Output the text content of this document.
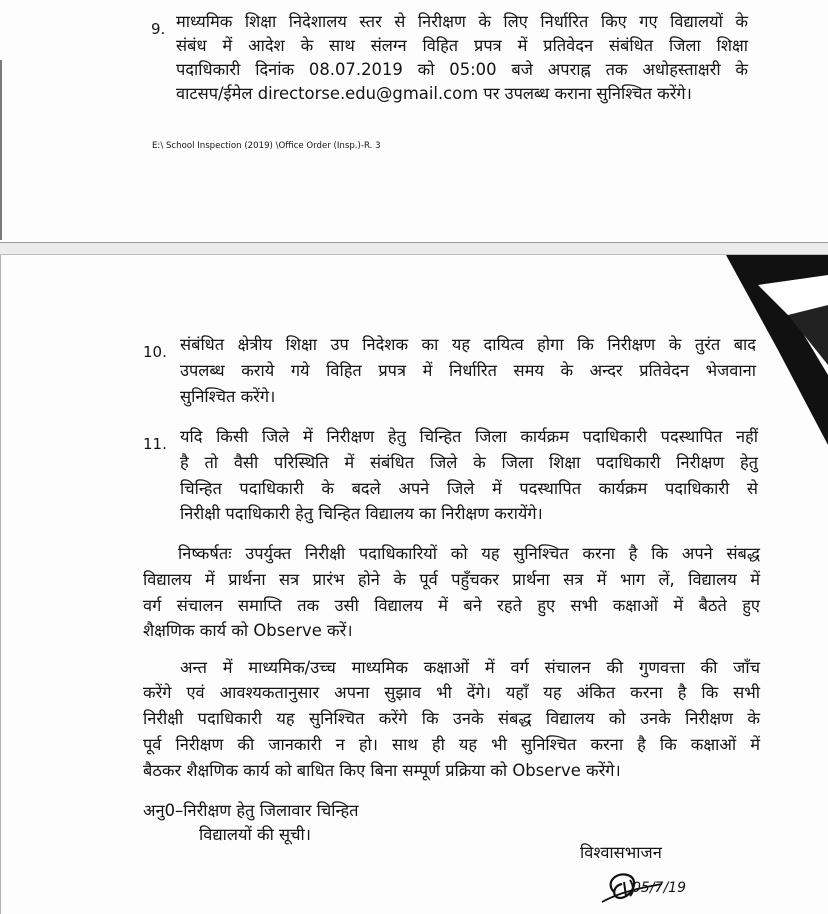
9. माध्यमिक शिक्षा निदेशालय स्तर से निरीक्षण के लिए निर्धारित किए गए विद्यालयों के
संबंध में आदेश के साथ संलग्न विहित प्रपत्र में प्रतिवेदन संबंधित जिला शिक्षा
पदाधिकारी दिनांक 08.07.2019 को 05:00 बजे अपराह्न तक अधोहस्ताक्षरी के
वाटसप/ईमेल directorse.edu@gmail.com पर उपलब्ध कराना सुनिश्चित करेंगे।
E:\ School Inspection (2019) \Office Order (Insp.)-R. 3
10. संबंधित क्षेत्रीय शिक्षा उप निदेशक का यह दायित्व होगा कि निरीक्षण के तुरंत बाद
उपलब्ध कराये गये विहित प्रपत्र में निर्धारित समय के अन्दर प्रतिवेदन भेजवाना
सुनिश्चित करेंगे।
11. यदि किसी जिले में निरीक्षण हेतु चिन्हित जिला कार्यक्रम पदाधिकारी पदस्थापित नहीं
है तो वैसी परिस्थिति में संबंधित जिले के जिला शिक्षा पदाधिकारी निरीक्षण हेतु
चिन्हित पदाधिकारी के बदले अपने जिले में पदस्थापित कार्यक्रम पदाधिकारी से
निरीक्षी पदाधिकारी हेतु चिन्हित विद्यालय का निरीक्षण करायेंगे।
निष्कर्षतः उपर्युक्त निरीक्षी पदाधिकारियों को यह सुनिश्चित करना है कि अपने संबद्ध
विद्यालय में प्रार्थना सत्र प्रारंभ होने के पूर्व पहुँचकर प्रार्थना सत्र में भाग लें, विद्यालय में
वर्ग संचालन समाप्ति तक उसी विद्यालय में बने रहते हुए सभी कक्षाओं में बैठते हुए
शैक्षणिक कार्य को Observe करें।
अन्त में माध्यमिक/उच्च माध्यमिक कक्षाओं में वर्ग संचालन की गुणवत्ता की जाँच
करेंगे एवं आवश्यकतानुसार अपना सुझाव भी देंगे। यहाँ यह अंकित करना है कि सभी
निरीक्षी पदाधिकारी यह सुनिश्चित करेंगे कि उनके संबद्ध विद्यालय को उनके निरीक्षण के
पूर्व निरीक्षण की जानकारी न हो। साथ ही यह भी सुनिश्चित करना है कि कक्षाओं में
बैठकर शैक्षणिक कार्य को बाधित किए बिना सम्पूर्ण प्रक्रिया को Observe करेंगे।
अनु0–निरीक्षण हेतु जिलावार चिन्हित
विद्यालयों की सूची।
विश्वासभाजन
05/7/19
